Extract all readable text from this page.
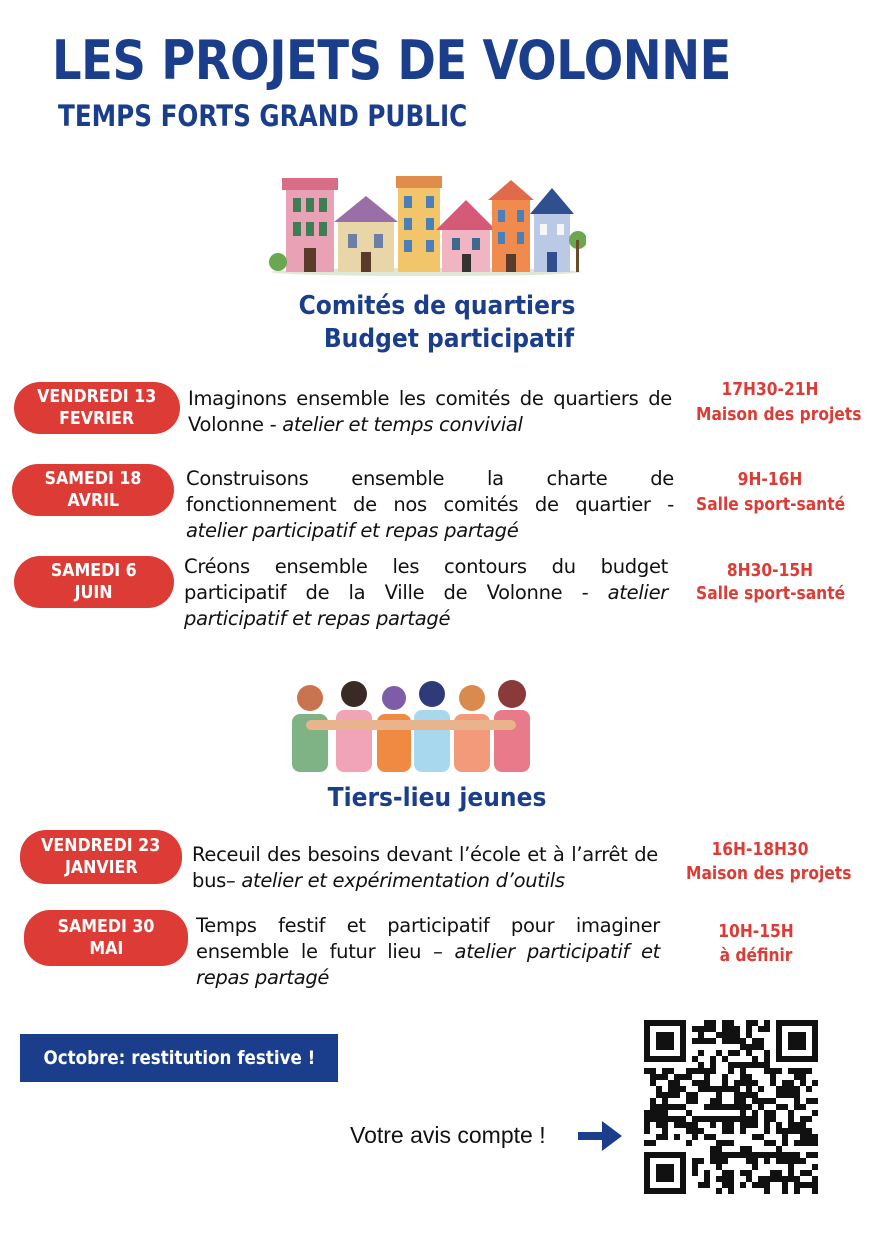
LES PROJETS DE VOLONNE
TEMPS FORTS GRAND PUBLIC
Comités de quartiers
Budget participatif
VENDREDI 13
FEVRIER
Imaginons ensemble les comités de quartiers de Volonne - atelier et temps convivial
17H30-21H
Maison des projets
SAMEDI 18
AVRIL
Construisons ensemble la charte de fonctionnement de nos comités de quartier - atelier participatif et repas partagé
9H-16H
Salle sport-santé
SAMEDI 6
JUIN
Créons ensemble les contours du budget participatif de la Ville de Volonne - atelier participatif et repas partagé
8H30-15H
Salle sport-santé
Tiers-lieu jeunes
VENDREDI 23
JANVIER
Receuil des besoins devant l’école et à l’arrêt de bus– atelier et expérimentation d’outils
16H-18H30
Maison des projets
SAMEDI 30
MAI
Temps festif et participatif pour imaginer ensemble le futur lieu – atelier participatif et repas partagé
10H-15H
à définir
Octobre: restitution festive !
Votre avis compte !
